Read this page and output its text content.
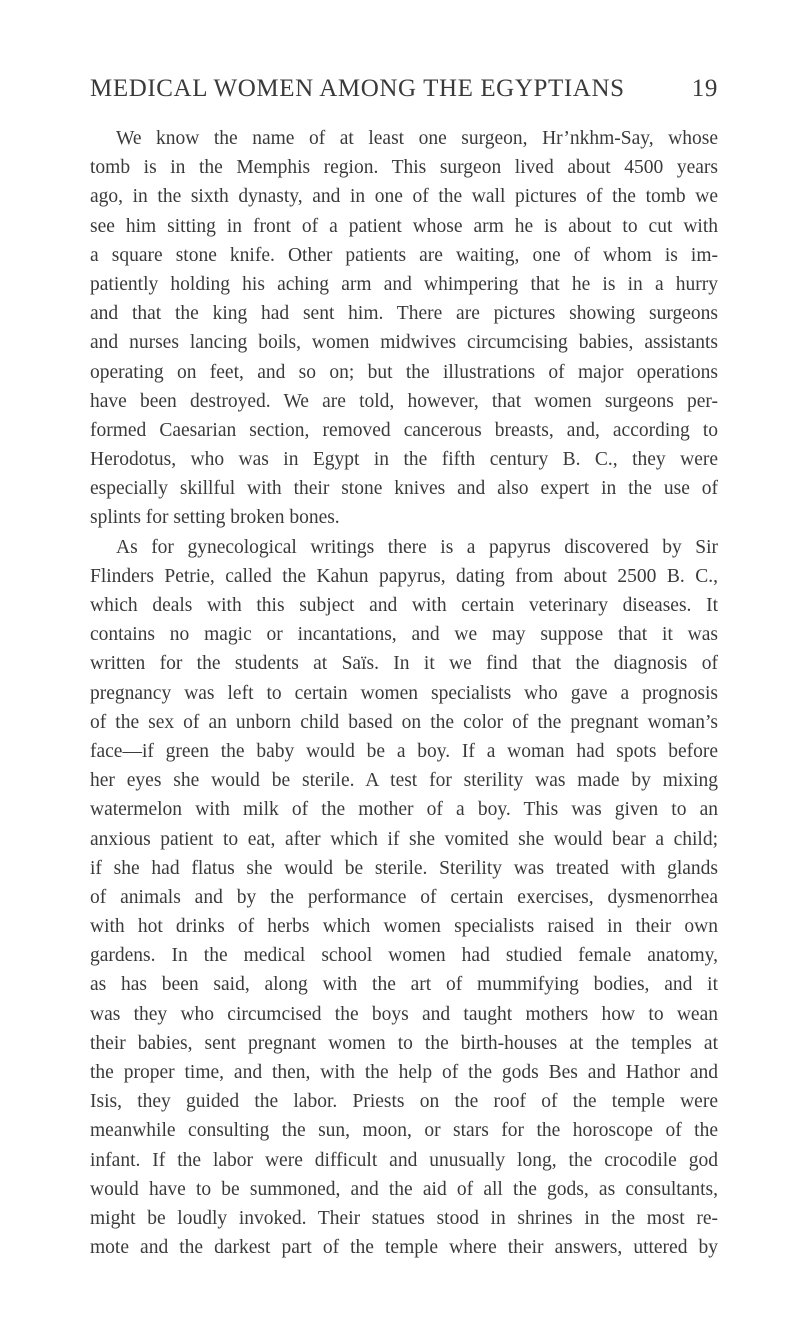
MEDICAL WOMEN AMONG THE EGYPTIANS	19
We know the name of at least one surgeon, Hr’nkhm-Say, whose
tomb is in the Memphis region. This surgeon lived about 4500 years
ago, in the sixth dynasty, and in one of the wall pictures of the tomb we
see him sitting in front of a patient whose arm he is about to cut with
a square stone knife. Other patients are waiting, one of whom is im-
patiently holding his aching arm and whimpering that he is in a hurry
and that the king had sent him. There are pictures showing surgeons
and nurses lancing boils, women midwives circumcising babies, assistants
operating on feet, and so on; but the illustrations of major operations
have been destroyed. We are told, however, that women surgeons per-
formed Caesarian section, removed cancerous breasts, and, according to
Herodotus, who was in Egypt in the fifth century B. C., they were
especially skillful with their stone knives and also expert in the use of
splints for setting broken bones.
As for gynecological writings there is a papyrus discovered by Sir
Flinders Petrie, called the Kahun papyrus, dating from about 2500 B. C.,
which deals with this subject and with certain veterinary diseases. It
contains no magic or incantations, and we may suppose that it was
written for the students at Saïs. In it we find that the diagnosis of
pregnancy was left to certain women specialists who gave a prognosis
of the sex of an unborn child based on the color of the pregnant woman’s
face—if green the baby would be a boy. If a woman had spots before
her eyes she would be sterile. A test for sterility was made by mixing
watermelon with milk of the mother of a boy. This was given to an
anxious patient to eat, after which if she vomited she would bear a child;
if she had flatus she would be sterile. Sterility was treated with glands
of animals and by the performance of certain exercises, dysmenorrhea
with hot drinks of herbs which women specialists raised in their own
gardens. In the medical school women had studied female anatomy,
as has been said, along with the art of mummifying bodies, and it
was they who circumcised the boys and taught mothers how to wean
their babies, sent pregnant women to the birth-houses at the temples at
the proper time, and then, with the help of the gods Bes and Hathor and
Isis, they guided the labor. Priests on the roof of the temple were
meanwhile consulting the sun, moon, or stars for the horoscope of the
infant. If the labor were difficult and unusually long, the crocodile god
would have to be summoned, and the aid of all the gods, as consultants,
might be loudly invoked. Their statues stood in shrines in the most re-
mote and the darkest part of the temple where their answers, uttered by
